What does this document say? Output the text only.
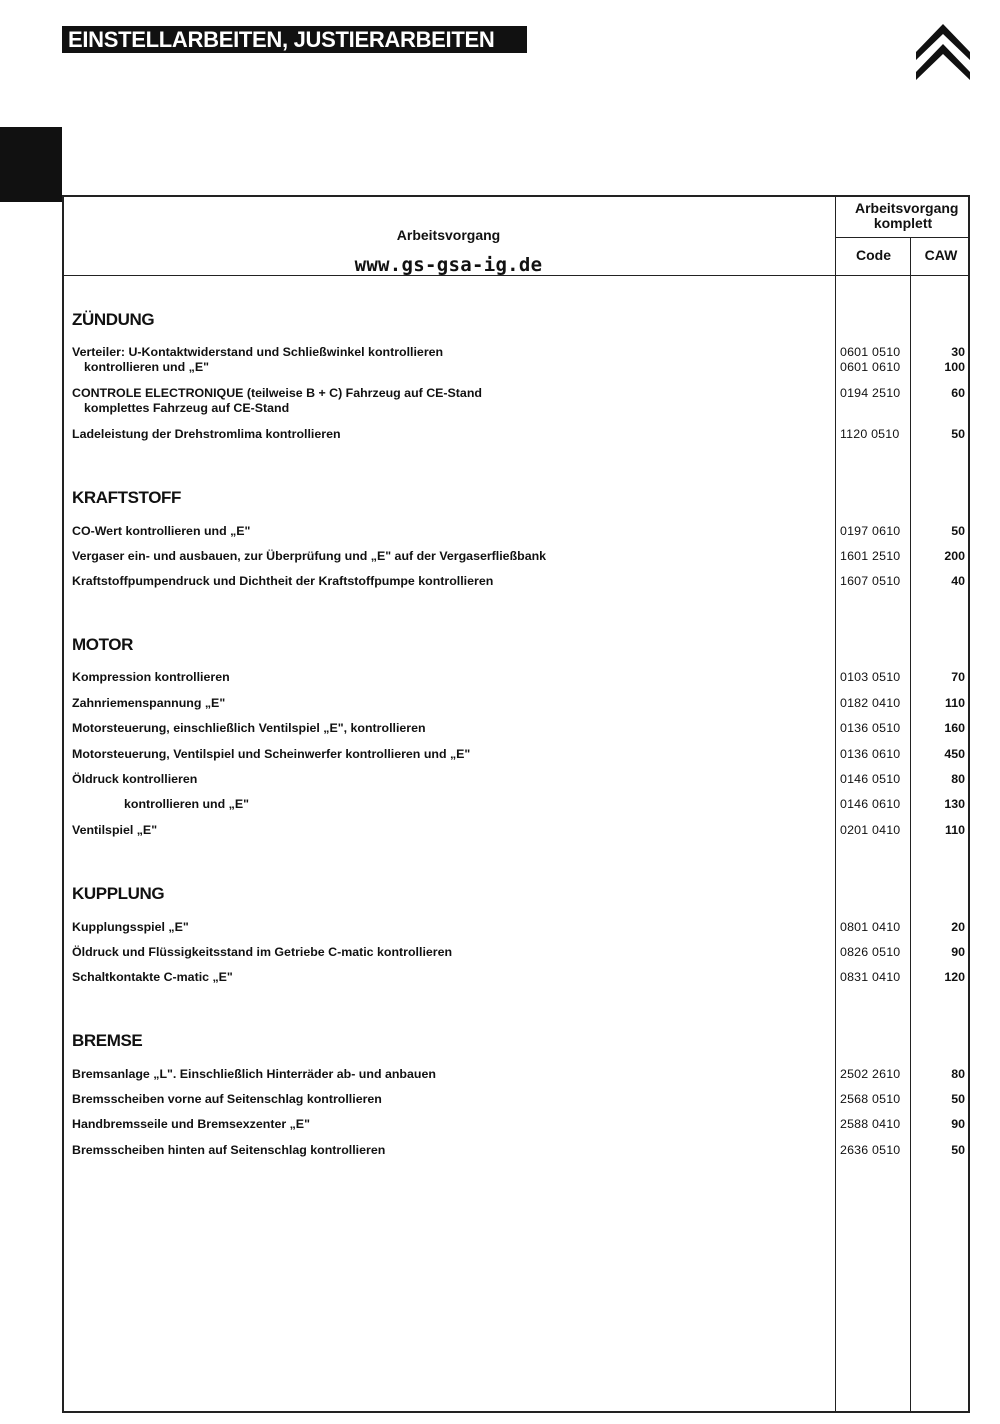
EINSTELLARBEITEN, JUSTIERARBEITEN
Arbeitsvorgang
www.gs-gsa-ig.de
Arbeitsvorgang komplett
Code	CAW
ZÜNDUNG
Verteiler: U-Kontaktwiderstand und Schließwinkel kontrollieren	0601 0510	30
kontrollieren und „E"	0601 0610	100
CONTROLE ELECTRONIQUE (teilweise B + C) Fahrzeug auf CE-Stand	0194 2510	60
komplettes Fahrzeug auf CE-Stand
Ladeleistung der Drehstromlima kontrollieren	1120 0510	50
KRAFTSTOFF
CO-Wert kontrollieren und „E"	0197 0610	50
Vergaser ein- und ausbauen, zur Überprüfung und „E" auf der Vergaserfließbank	1601 2510	200
Kraftstoffpumpendruck und Dichtheit der Kraftstoffpumpe kontrollieren	1607 0510	40
MOTOR
Kompression kontrollieren	0103 0510	70
Zahnriemenspannung „E"	0182 0410	110
Motorsteuerung, einschließlich Ventilspiel „E", kontrollieren	0136 0510	160
Motorsteuerung, Ventilspiel und Scheinwerfer kontrollieren und „E"	0136 0610	450
Öldruck kontrollieren	0146 0510	80
kontrollieren und „E"	0146 0610	130
Ventilspiel „E"	0201 0410	110
KUPPLUNG
Kupplungsspiel „E"	0801 0410	20
Öldruck und Flüssigkeitsstand im Getriebe C-matic kontrollieren	0826 0510	90
Schaltkontakte C-matic „E"	0831 0410	120
BREMSE
Bremsanlage „L". Einschließlich Hinterräder ab- und anbauen	2502 2610	80
Bremsscheiben vorne auf Seitenschlag kontrollieren	2568 0510	50
Handbremsseile und Bremsexzenter „E"	2588 0410	90
Bremsscheiben hinten auf Seitenschlag kontrollieren	2636 0510	50
